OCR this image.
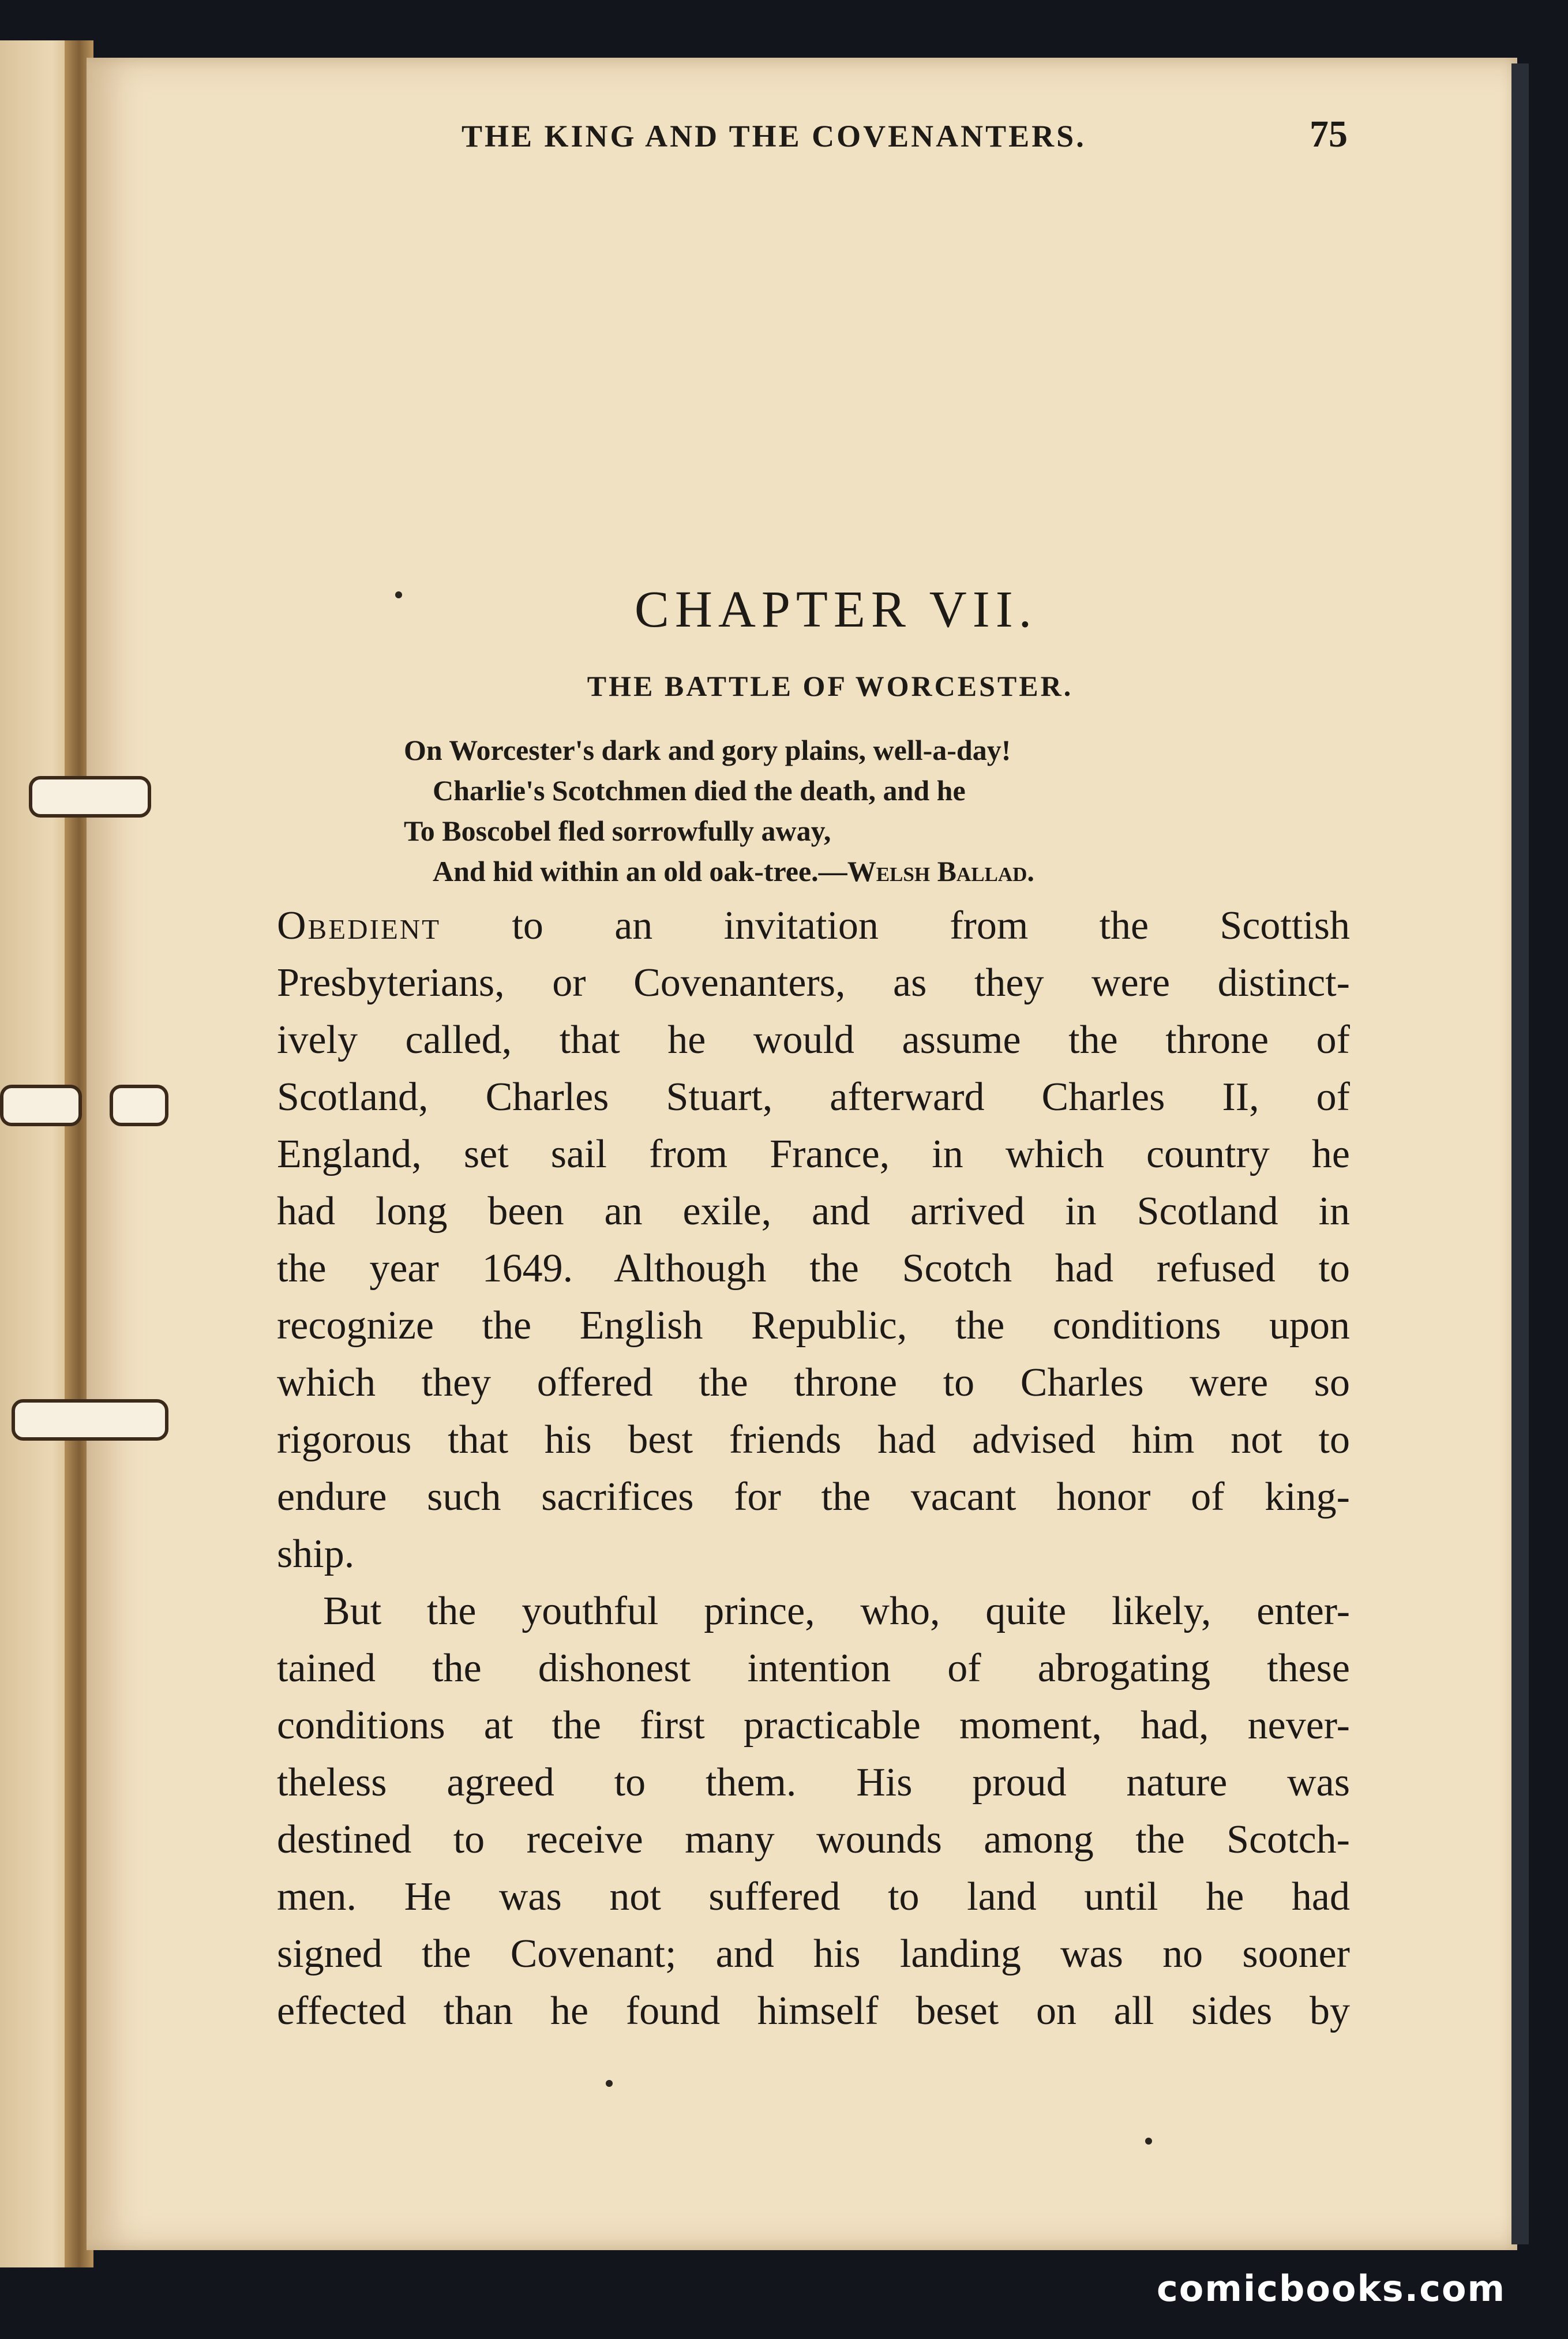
THE KING AND THE COVENANTERS.	75
CHAPTER VII.
THE BATTLE OF WORCESTER.
On Worcester's dark and gory plains, well-a-day!
Charlie's Scotchmen died the death, and he
To Boscobel fled sorrowfully away,
And hid within an old oak-tree.—Welsh Ballad.

Obedient to an invitation from the Scottish
Presbyterians, or Covenanters, as they were distinct-
ively called, that he would assume the throne of
Scotland, Charles Stuart, afterward Charles II, of
England, set sail from France, in which country he
had long been an exile, and arrived in Scotland in
the year 1649. Although the Scotch had refused to
recognize the English Republic, the conditions upon
which they offered the throne to Charles were so
rigorous that his best friends had advised him not to
endure such sacrifices for the vacant honor of king-
ship.

But the youthful prince, who, quite likely, enter-
tained the dishonest intention of abrogating these
conditions at the first practicable moment, had, never-
theless agreed to them. His proud nature was
destined to receive many wounds among the Scotch-
men. He was not suffered to land until he had
signed the Covenant; and his landing was no sooner
effected than he found himself beset on all sides by

comicbooks.com
